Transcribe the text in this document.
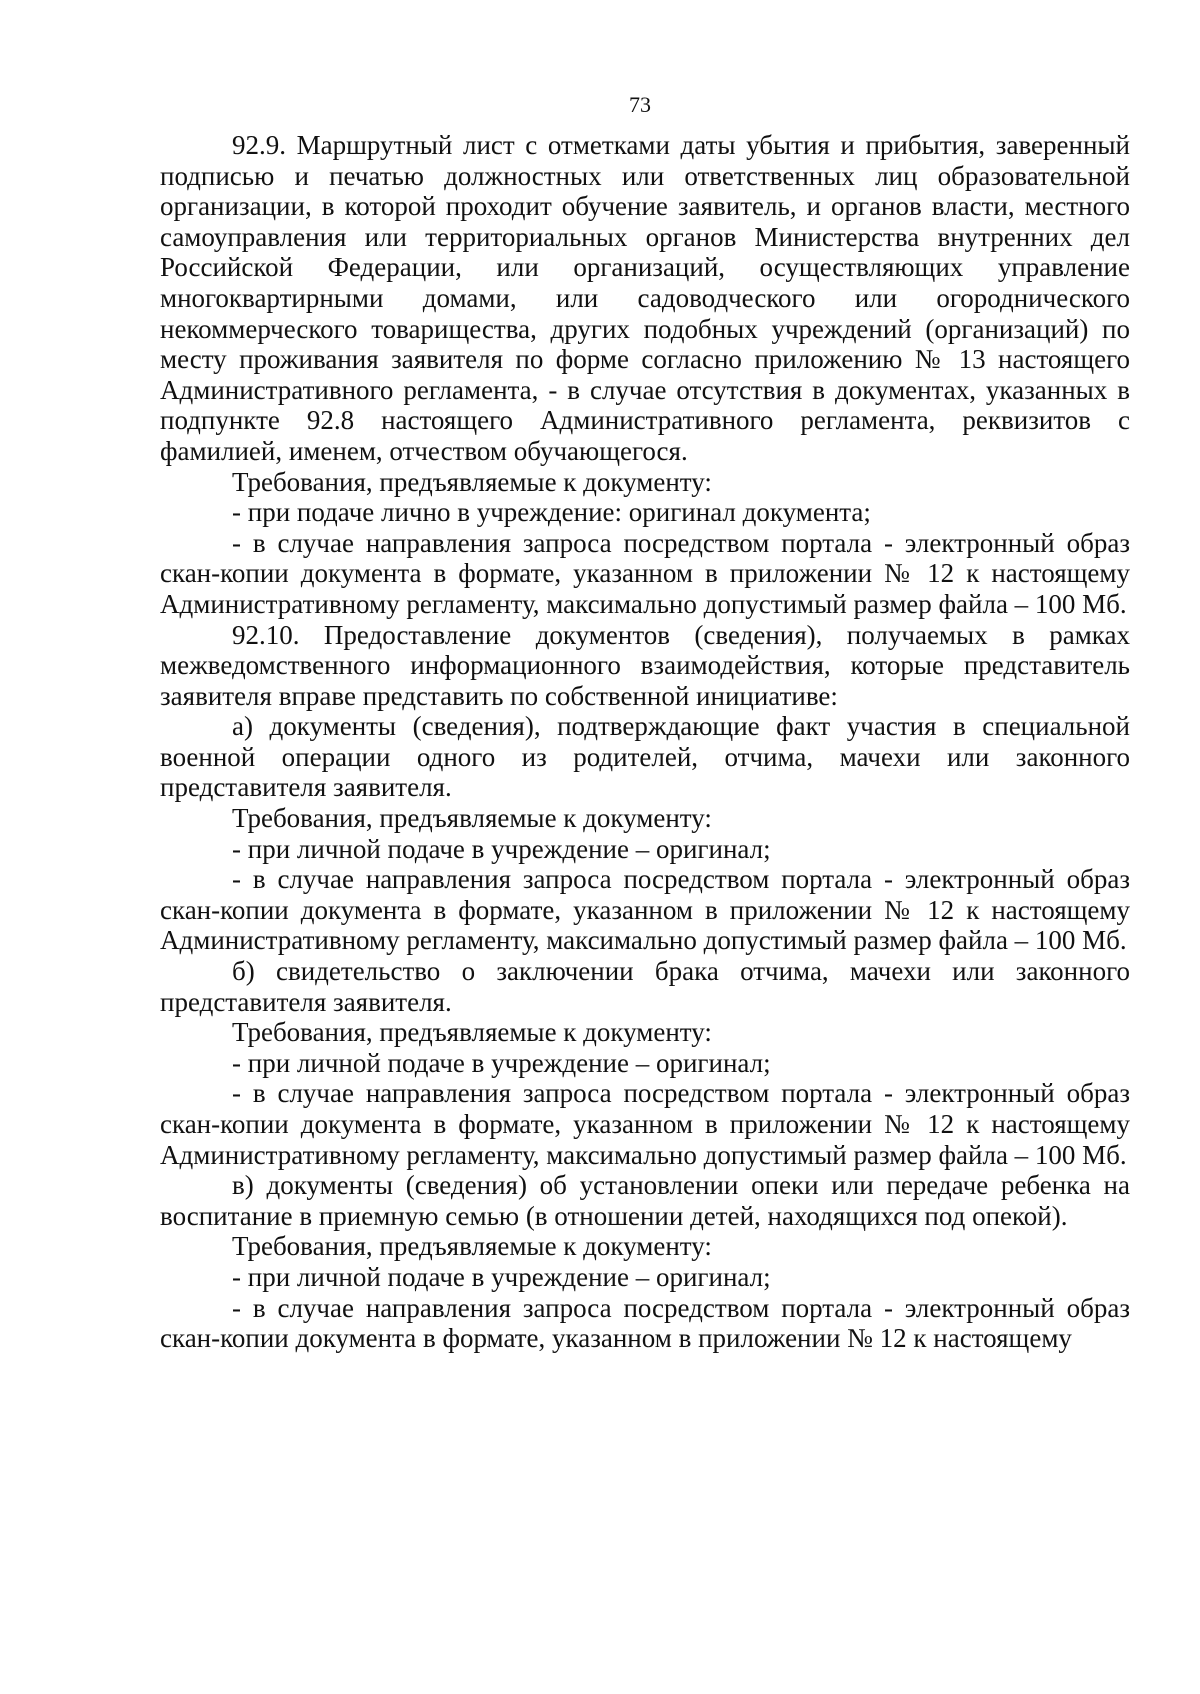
73

92.9. Маршрутный лист с отметками даты убытия и прибытия, заверенный подписью и печатью должностных или ответственных лиц образовательной организации, в которой проходит обучение заявитель, и органов власти, местного самоуправления или территориальных органов Министерства внутренних дел Российской Федерации, или организаций, осуществляющих управление многоквартирными домами, или садоводческого или огороднического некоммерческого товарищества, других подобных учреждений (организаций) по месту проживания заявителя по форме согласно приложению № 13 настоящего Административного регламента, - в случае отсутствия в документах, указанных в подпункте 92.8 настоящего Административного регламента, реквизитов с фамилией, именем, отчеством обучающегося.

Требования, предъявляемые к документу:

- при подаче лично в учреждение: оригинал документа;

- в случае направления запроса посредством портала - электронный образ скан-копии документа в формате, указанном в приложении № 12 к настоящему Административному регламенту, максимально допустимый размер файла – 100 Мб.

92.10. Предоставление документов (сведения), получаемых в рамках межведомственного информационного взаимодействия, которые представитель заявителя вправе представить по собственной инициативе:

а) документы (сведения), подтверждающие факт участия в специальной военной операции одного из родителей, отчима, мачехи или законного представителя заявителя.

Требования, предъявляемые к документу:

- при личной подаче в учреждение – оригинал;

- в случае направления запроса посредством портала - электронный образ скан-копии документа в формате, указанном в приложении № 12 к настоящему Административному регламенту, максимально допустимый размер файла – 100 Мб.

б) свидетельство о заключении брака отчима, мачехи или законного представителя заявителя.

Требования, предъявляемые к документу:

- при личной подаче в учреждение – оригинал;

- в случае направления запроса посредством портала - электронный образ скан-копии документа в формате, указанном в приложении № 12 к настоящему Административному регламенту, максимально допустимый размер файла – 100 Мб.

в) документы (сведения) об установлении опеки или передаче ребенка на воспитание в приемную семью (в отношении детей, находящихся под опекой).

Требования, предъявляемые к документу:

- при личной подаче в учреждение – оригинал;

- в случае направления запроса посредством портала - электронный образ скан-копии документа в формате, указанном в приложении № 12 к настоящему
